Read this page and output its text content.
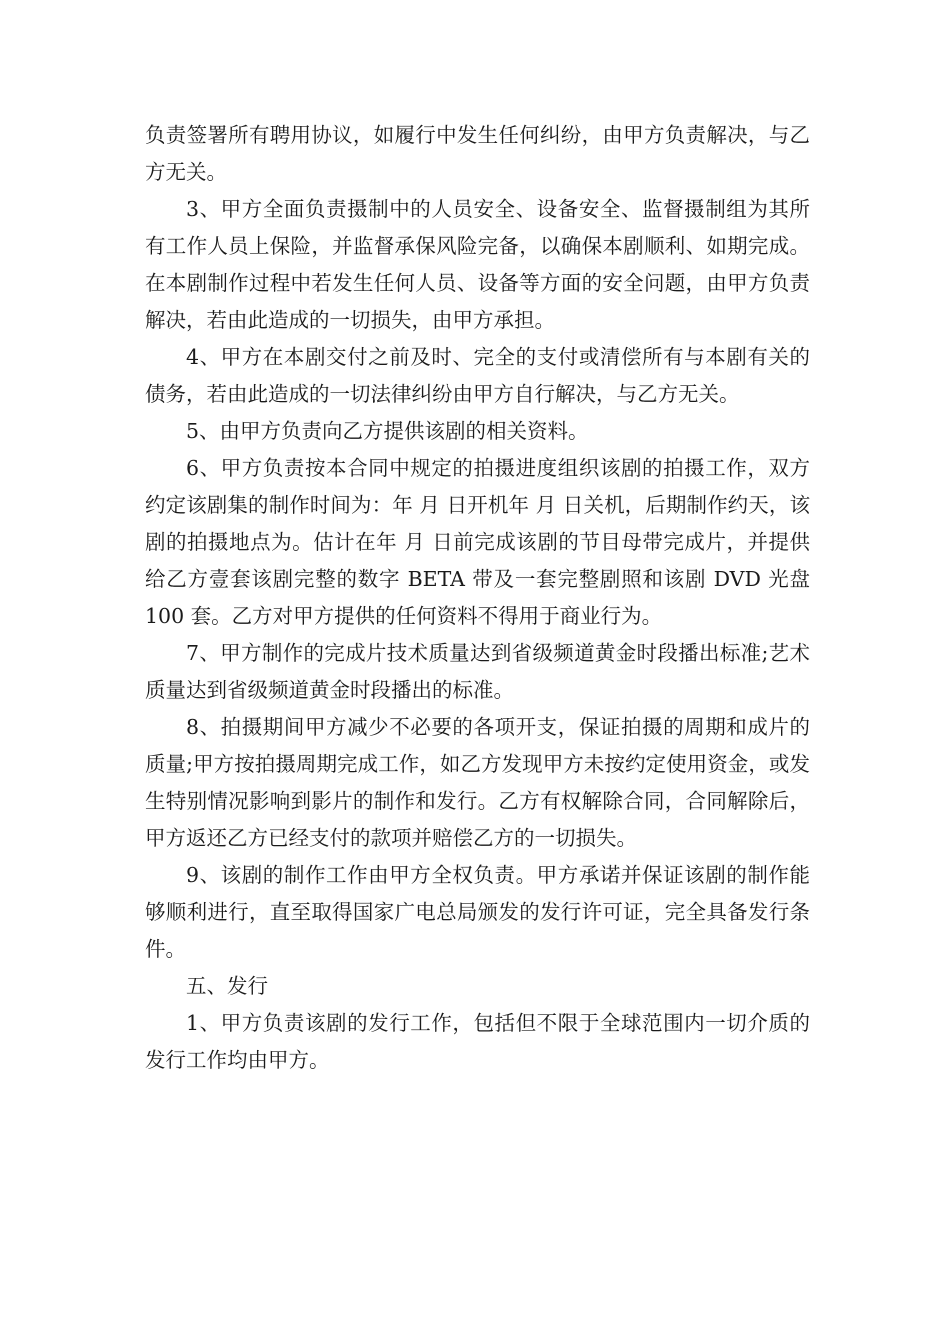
负责签署所有聘用协议，如履行中发生任何纠纷，由甲方负责解决，与乙方无关。

3、甲方全面负责摄制中的人员安全、设备安全、监督摄制组为其所有工作人员上保险，并监督承保风险完备，以确保本剧顺利、如期完成。在本剧制作过程中若发生任何人员、设备等方面的安全问题，由甲方负责解决，若由此造成的一切损失，由甲方承担。

4、甲方在本剧交付之前及时、完全的支付或清偿所有与本剧有关的债务，若由此造成的一切法律纠纷由甲方自行解决，与乙方无关。

5、由甲方负责向乙方提供该剧的相关资料。

6、甲方负责按本合同中规定的拍摄进度组织该剧的拍摄工作，双方约定该剧集的制作时间为：年 月 日开机年 月 日关机，后期制作约天，该剧的拍摄地点为。估计在年 月 日前完成该剧的节目母带完成片，并提供给乙方壹套该剧完整的数字 BETA 带及一套完整剧照和该剧 DVD 光盘 100 套。乙方对甲方提供的任何资料不得用于商业行为。

7、甲方制作的完成片技术质量达到省级频道黄金时段播出标准;艺术质量达到省级频道黄金时段播出的标准。

8、拍摄期间甲方减少不必要的各项开支，保证拍摄的周期和成片的质量;甲方按拍摄周期完成工作，如乙方发现甲方未按约定使用资金，或发生特别情况影响到影片的制作和发行。乙方有权解除合同，合同解除后，甲方返还乙方已经支付的款项并赔偿乙方的一切损失。

9、该剧的制作工作由甲方全权负责。甲方承诺并保证该剧的制作能够顺利进行，直至取得国家广电总局颁发的发行许可证，完全具备发行条件。

五、发行

1、甲方负责该剧的发行工作，包括但不限于全球范围内一切介质的发行工作均由甲方。
